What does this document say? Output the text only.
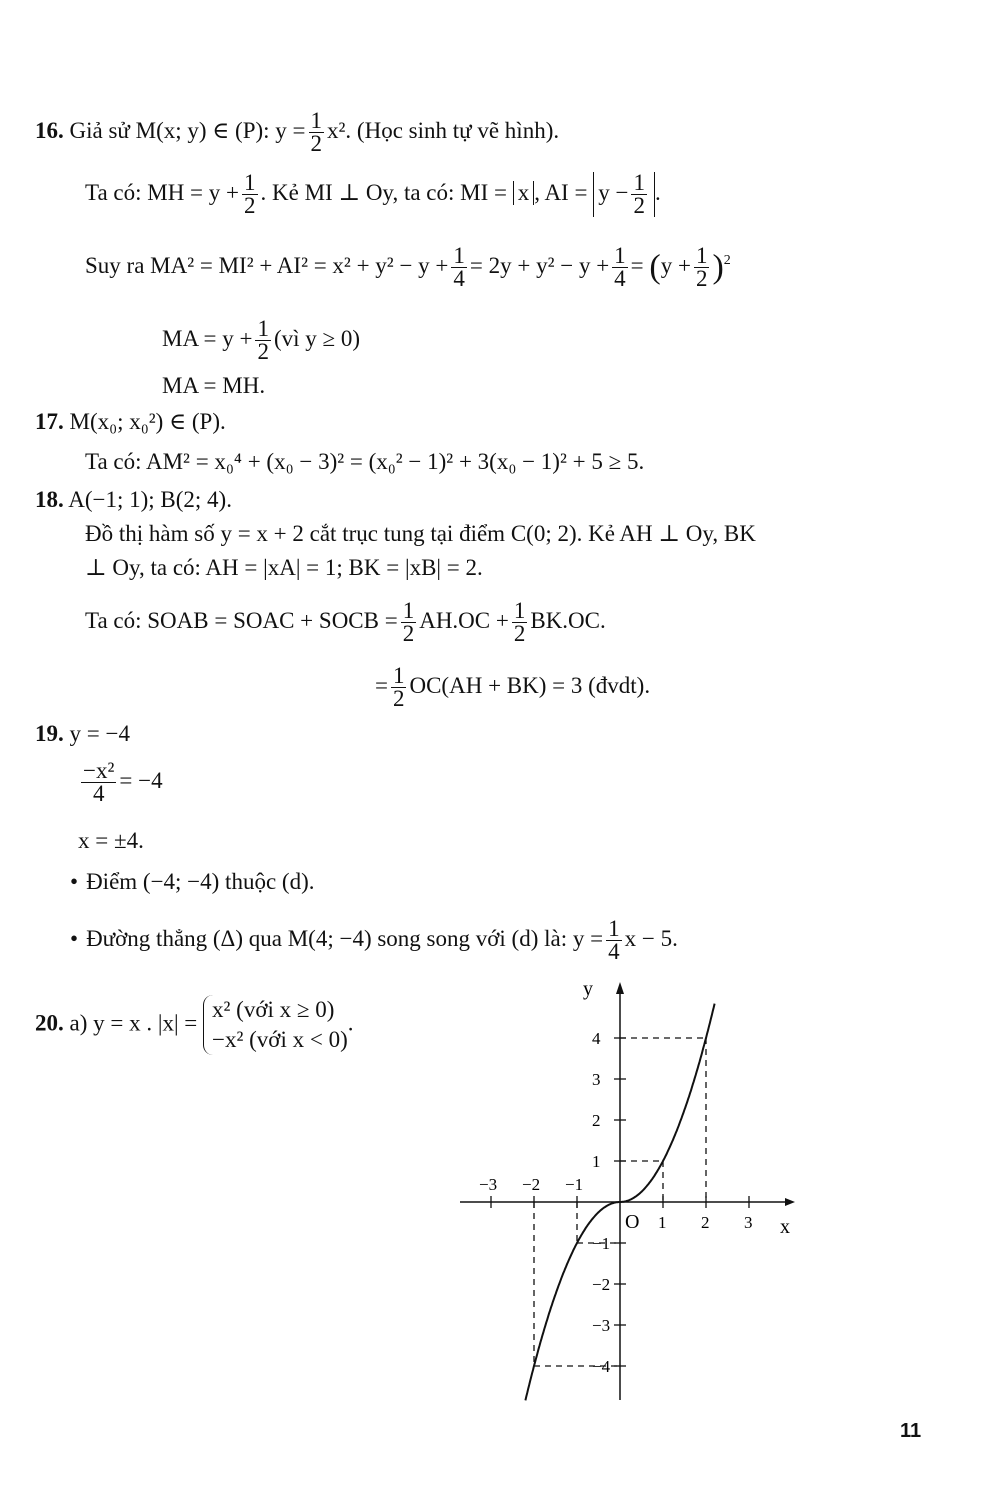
16. Giả sử M(x; y) ∈ (P): $y = \frac{1}{2} x^2$. (Học sinh tự vẽ hình).
Ta có: MH = $y + \frac{1}{2}$ . Kẻ MI ⊥ Oy, ta có: MI = x , AI = $y - \frac{1}{2}$ .
Suy ra $MA^2 = MI^2 + AI^2 = x^2 + y^2 - y + \frac{1}{4} = 2y + y^2 - y + \frac{1}{4} = (y + \frac{1}{2} )^2$
MA = $y + \frac{1}{2}$ (vì y ≥ 0)
MA = MH.
17. M(x₀; x₀²) ∈ (P).
Ta có: AM² = x₀⁴ + (x₀ − 3)² = (x₀² − 1)² + 3(x₀ − 1)² + 5 ≥ 5.
18. A(−1; 1); B(2; 4).
Đồ thị hàm số y = x + 2 cắt trục tung tại điểm C(0; 2). Kẻ AH ⊥ Oy, BK
⊥ Oy, ta có: AH = |xA| = 1; BK = |xB| = 2.
Ta có: SOAB = SOAC + SOCB = $\frac{1}{2} AH.OC + \frac{1}{2} BK.OC$.
= $\frac{1}{2} OC(AH + BK) = 3$ (đvdt).
19. y = −4
$\frac{\text{−x²}}{4} = -4$
x = ±4.
• Điểm (−4; −4) thuộc (d).
• Đường thẳng (Δ) qua M(4; −4) song song với (d) là: $y = \frac{1}{4}$ x − 5.
20. a) y = x . |x| =
x² (với x ≥ 0)
−x² (với x < 0)
.
y
x
O
−3 −2 −1
1 2 3
4
3
2
1
−1
−2
−3
−4
11
